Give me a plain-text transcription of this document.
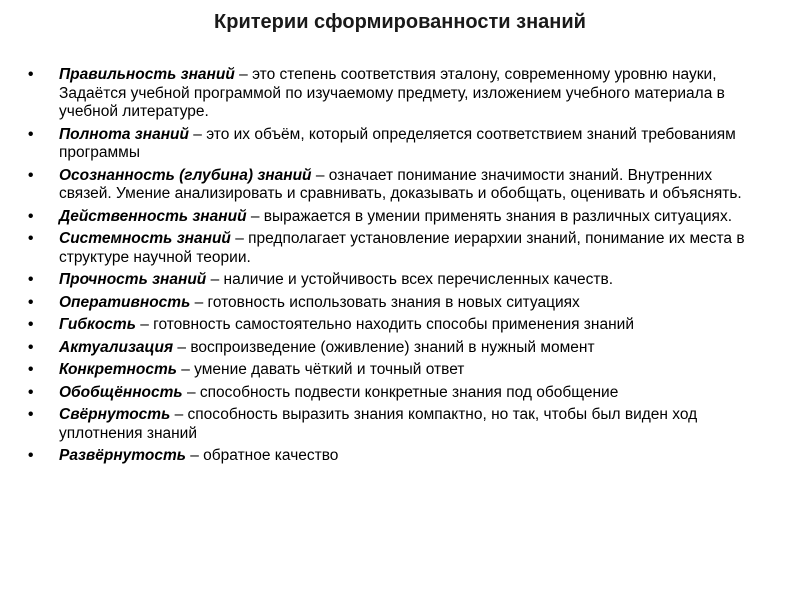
Критерии сформированности знаний
• Правильность знаний – это степень соответствия эталону, современному уровню науки, Задаётся учебной программой по изучаемому предмету, изложением учебного материала в учебной литературе.
• Полнота знаний – это их объём, который определяется соответствием знаний требованиям программы
• Осознанность (глубина) знаний – означает понимание значимости знаний. Внутренних связей. Умение анализировать и сравнивать, доказывать и обобщать, оценивать и объяснять.
• Действенность знаний – выражается в умении применять знания в различных ситуациях.
• Системность знаний – предполагает установление иерархии знаний, понимание их места в структуре научной теории.
• Прочность знаний – наличие и устойчивость всех перечисленных качеств.
• Оперативность – готовность использовать знания в новых ситуациях
• Гибкость – готовность самостоятельно находить способы применения знаний
• Актуализация – воспроизведение (оживление) знаний в нужный момент
• Конкретность – умение давать чёткий и точный ответ
• Обобщённость – способность подвести конкретные знания под обобщение
• Свёрнутость – способность выразить знания компактно, но так, чтобы был виден ход уплотнения знаний
• Развёрнутость – обратное качество
